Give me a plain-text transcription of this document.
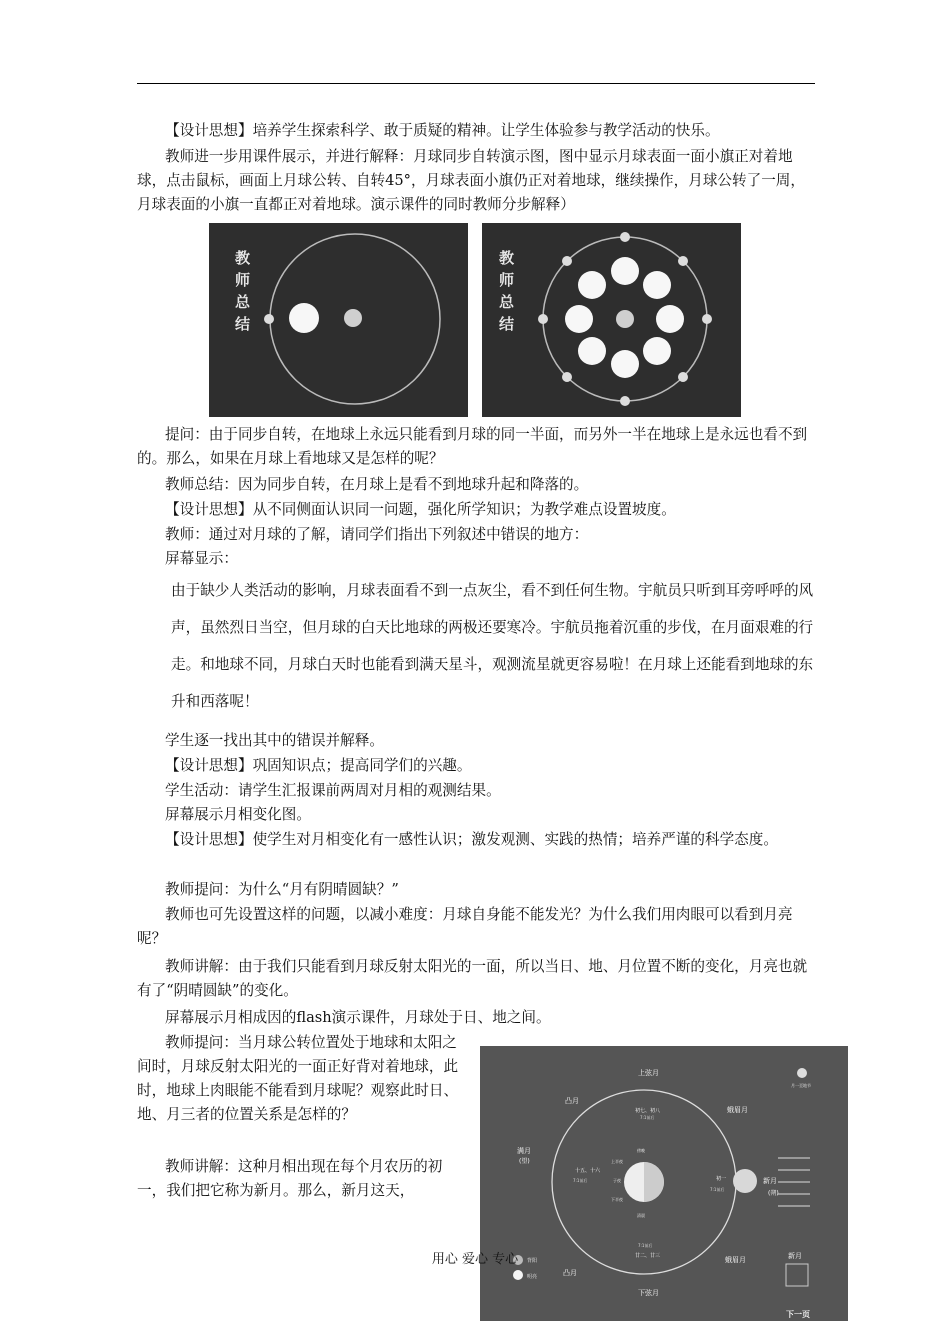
【设计思想】培养学生探索科学、敢于质疑的精神。让学生体验参与教学活动的快乐。

教师进一步用课件展示，并进行解释：月球同步自转演示图，图中显示月球表面一面小旗正对着地球，点击鼠标，画面上月球公转、自转45°，月球表面小旗仍正对着地球，继续操作，月球公转了一周，月球表面的小旗一直都正对着地球。演示课件的同时教师分步解释）

教
师
总
结
教
师
总
结

提问：由于同步自转，在地球上永远只能看到月球的同一半面，而另外一半在地球上是永远也看不到的。那么，如果在月球上看地球又是怎样的呢？

教师总结：因为同步自转，在月球上是看不到地球升起和降落的。

【设计思想】从不同侧面认识同一问题，强化所学知识；为教学难点设置坡度。

教师：通过对月球的了解，请同学们指出下列叙述中错误的地方：

屏幕显示：

由于缺少人类活动的影响，月球表面看不到一点灰尘，看不到任何生物。宇航员只听到耳旁呼呼的风声，虽然烈日当空，但月球的白天比地球的两极还要寒冷。宇航员拖着沉重的步伐，在月面艰难的行走。和地球不同，月球白天时也能看到满天星斗，观测流星就更容易啦！在月球上还能看到地球的东升和西落呢！

学生逐一找出其中的错误并解释。

【设计思想】巩固知识点；提高同学们的兴趣。

学生活动：请学生汇报课前两周对月相的观测结果。

屏幕展示月相变化图。

【设计思想】使学生对月相变化有一感性认识；激发观测、实践的热情；培养严谨的科学态度。

教师提问：为什么“月有阴晴圆缺？”

教师也可先设置这样的问题，以减小难度：月球自身能不能发光？为什么我们用肉眼可以看到月亮呢？

教师讲解：由于我们只能看到月球反射太阳光的一面，所以当日、地、月位置不断的变化，月亮也就有了“阴晴圆缺”的变化。

屏幕展示月相成因的flash演示课件，月球处于日、地之间。

教师提问：当月球公转位置处于地球和太阳之间时，月球反射太阳光的一面正好背对着地球，此时，地球上肉眼能不能看到月球呢？观察此时日、地、月三者的位置关系是怎样的？

教师讲解：这种月相出现在每个月农历的初一，我们把它称为新月。那么，新月这天，

上弦月
初七、初八
7:1前后
满月
(望)
十五、十六
7:1前后	新月
(朔)
初一
7:1前后
下弦月
7:1前后
廿二、廿三
凸月
凸月
蛾眉月
蛾眉月
傍晚
清晨
上半夜
子夜
下半夜
月一至地节
背阳
明亮
新月
下一页
用心 爱心 专心
